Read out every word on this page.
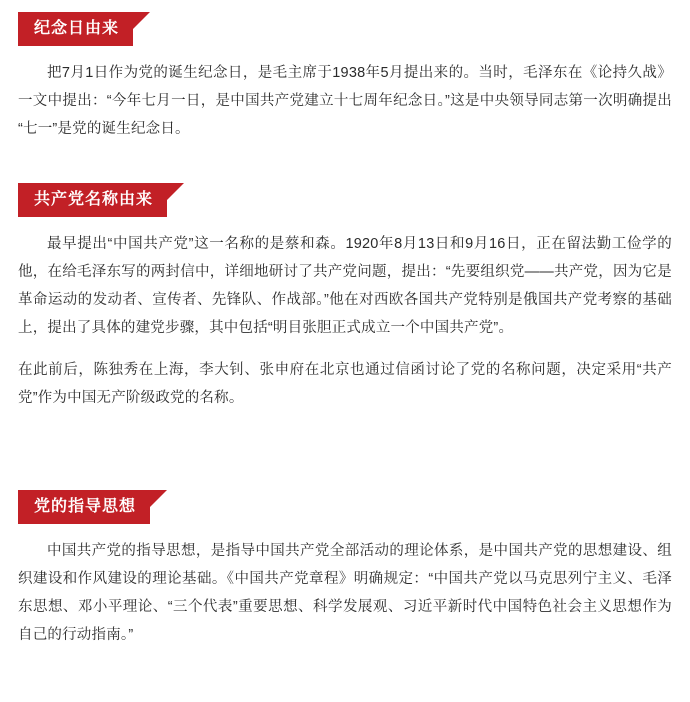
纪念日由来

把7月1日作为党的诞生纪念日，是毛主席于1938年5月提出来的。当时，毛泽东在《论持久战》一文中提出：“今年七月一日，是中国共产党建立十七周年纪念日。”这是中央领导同志第一次明确提出“七一”是党的诞生纪念日。

共产党名称由来

最早提出“中国共产党”这一名称的是蔡和森。1920年8月13日和9月16日，正在留法勤工俭学的他，在给毛泽东写的两封信中，详细地研讨了共产党问题，提出：“先要组织党——共产党，因为它是革命运动的发动者、宣传者、先锋队、作战部。”他在对西欧各国共产党特别是俄国共产党考察的基础上，提出了具体的建党步骤，其中包括“明目张胆正式成立一个中国共产党”。

在此前后，陈独秀在上海，李大钊、张申府在北京也通过信函讨论了党的名称问题，决定采用“共产党”作为中国无产阶级政党的名称。

党的指导思想

中国共产党的指导思想，是指导中国共产党全部活动的理论体系，是中国共产党的思想建设、组织建设和作风建设的理论基础。《中国共产党章程》明确规定：“中国共产党以马克思列宁主义、毛泽东思想、邓小平理论、“三个代表”重要思想、科学发展观、习近平新时代中国特色社会主义思想作为自己的行动指南。”
